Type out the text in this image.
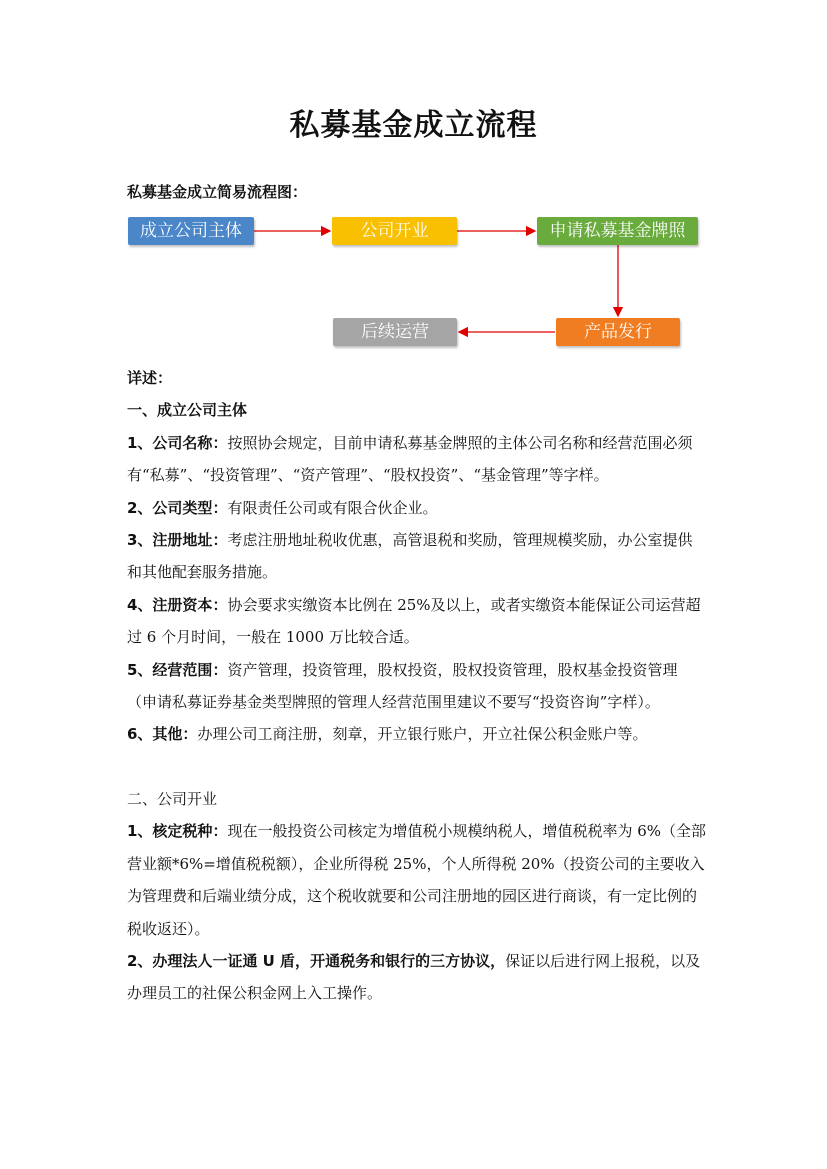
私募基金成立流程
私募基金成立简易流程图：
成立公司主体	公司开业	申请私募基金牌照
产品发行
后续运营

详述：

一、成立公司主体

1、公司名称：按照协会规定，目前申请私募基金牌照的主体公司名称和经营范围必须有“私募”、“投资管理”、“资产管理”、“股权投资”、“基金管理”等字样。

2、公司类型：有限责任公司或有限合伙企业。

3、注册地址：考虑注册地址税收优惠，高管退税和奖励，管理规模奖励，办公室提供和其他配套服务措施。

4、注册资本：协会要求实缴资本比例在 25%及以上，或者实缴资本能保证公司运营超过 6 个月时间，一般在 1000 万比较合适。

5、经营范围：资产管理，投资管理，股权投资，股权投资管理，股权基金投资管理（申请私募证券基金类型牌照的管理人经营范围里建议不要写“投资咨询”字样）。

6、其他：办理公司工商注册，刻章，开立银行账户，开立社保公积金账户等。

二、公司开业

1、核定税种：现在一般投资公司核定为增值税小规模纳税人，增值税税率为 6%（全部营业额*6%=增值税税额），企业所得税 25%，个人所得税 20%（投资公司的主要收入为管理费和后端业绩分成，这个税收就要和公司注册地的园区进行商谈，有一定比例的税收返还）。

2、办理法人一证通 U 盾，开通税务和银行的三方协议，保证以后进行网上报税，以及办理员工的社保公积金网上入工操作。
